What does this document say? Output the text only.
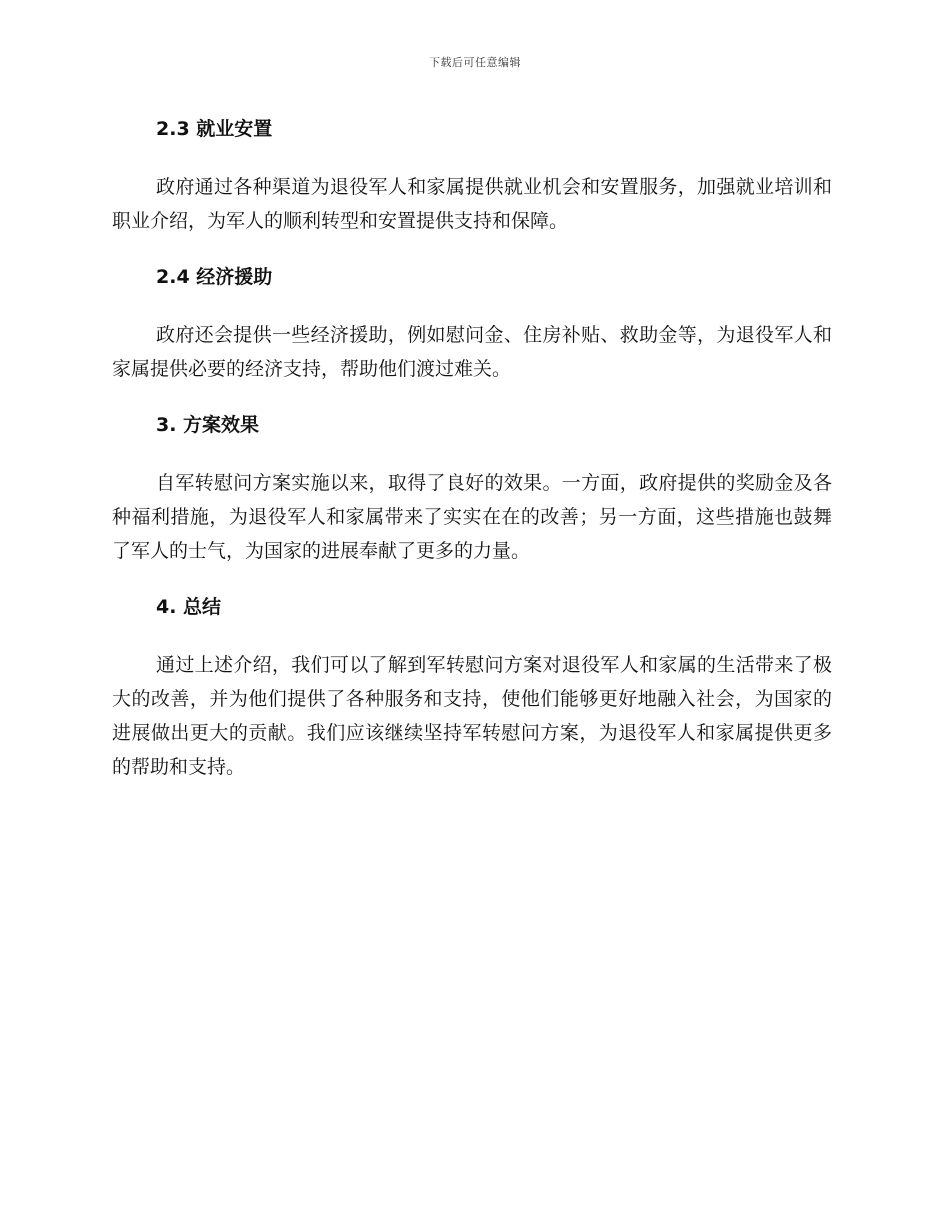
下载后可任意编辑
2.3 就业安置

政府通过各种渠道为退役军人和家属提供就业机会和安置服务，加强就业培训和职业介绍，为军人的顺利转型和安置提供支持和保障。

2.4 经济援助

政府还会提供一些经济援助，例如慰问金、住房补贴、救助金等，为退役军人和家属提供必要的经济支持，帮助他们渡过难关。

3. 方案效果

自军转慰问方案实施以来，取得了良好的效果。一方面，政府提供的奖励金及各种福利措施，为退役军人和家属带来了实实在在的改善；另一方面，这些措施也鼓舞了军人的士气，为国家的进展奉献了更多的力量。

4. 总结

通过上述介绍，我们可以了解到军转慰问方案对退役军人和家属的生活带来了极大的改善，并为他们提供了各种服务和支持，使他们能够更好地融入社会，为国家的进展做出更大的贡献。我们应该继续坚持军转慰问方案，为退役军人和家属提供更多的帮助和支持。
